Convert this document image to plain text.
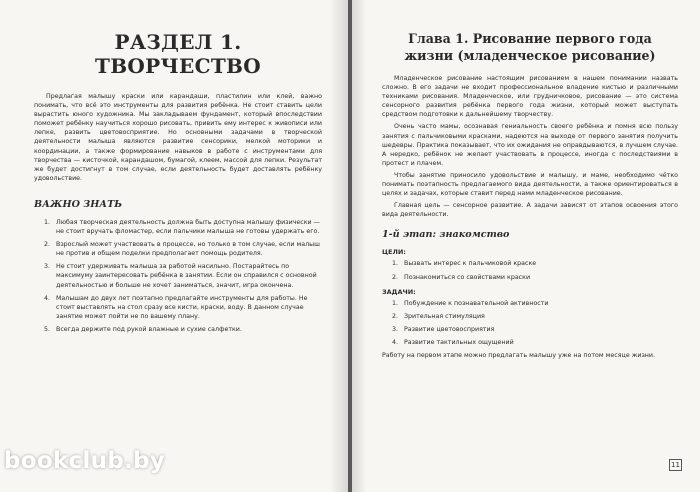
РАЗДЕЛ 1. ТВОРЧЕСТВО

Предлагая малышу краски или карандаши, пластилин или клей, важно понимать, что всё это инструменты для развития ребёнка. Не стоит ставить цели вырастить юного художника. Мы закладываем фундамент, который впоследствии поможет ребёнку научиться хорошо рисовать, привить ему интерес к живописи или лепке, развить цветовосприятие. Но основными задачами в творческой деятельности малыша являются развитие сенсорики, мелкой моторики и координации, а также формирование навыков в работе с инструментами для творчества — кисточкой, карандашом, бумагой, клеем, массой для лепки. Результат же будет достигнут в том случае, если деятельность будет доставлять ребёнку удовольствие.

ВАЖНО ЗНАТЬ
1. Любая творческая деятельность должна быть доступна малышу физически — не стоит вручать фломастер, если пальчики малыша не готовы удержать его.
2. Взрослый может участвовать в процессе, но только в том случае, если малыш не против и общем поделки предполагает помощь родителя.
3. Не стоит удерживать малыша за работой насильно. Постарайтесь по максимуму заинтересовать ребёнка в занятии. Если он справился с основной деятельностью и больше не хочет заниматься, значит, игра окончена.
4. Малышам до двух лет поэтапно предлагайте инструменты для работы. Не стоит выставлять на стол сразу все кисти, краски, воду. В данном случае занятие может пойти не по вашему плану.
5. Всегда держите под рукой влажные и сухие салфетки.
Глава 1. Рисование первого года жизни (младенческое рисование)

Младенческое рисование настоящим рисованием в нашем понимании назвать сложно. В его задачи не входит профессиональное владение кистью и различными техниками рисования. Младенческое, или грудничковое, рисование — это система сенсорного развития ребёнка первого года жизни, который может выступать средством подготовки к дальнейшему творчеству.

Очень часто мамы, осознавая гениальность своего ребёнка и помня всю пользу занятия с пальчиковыми красками, надеются на выходе от первого занятия получить шедевры. Практика показывает, что их ожидания не оправдываются, в лучшем случае. А нередко, ребёнок не желает участвовать в процессе, иногда с последствиями в протест и плачем.

Чтобы занятие приносило удовольствие и малышу, и маме, необходимо чётко понимать поэтапность предлагаемого вида деятельности, а также ориентироваться в целях и задачах, которые ставит перед нами младенческое рисование.

Главная цель — сенсорное развитие. А задачи зависят от этапов освоения этого вида деятельности.

1-й этап: знакомство
ЦЕЛИ:
1. Вызвать интерес к пальчиковой краске
2. Познакомиться со свойствами краски
ЗАДАЧИ:
1. Побуждение к познавательной активности
2. Зрительная стимуляция
3. Развитие цветовосприятия
4. Развитие тактильных ощущений

Работу на первом этапе можно предлагать малышу уже на потом месяце жизни.

11
bookclub.by
